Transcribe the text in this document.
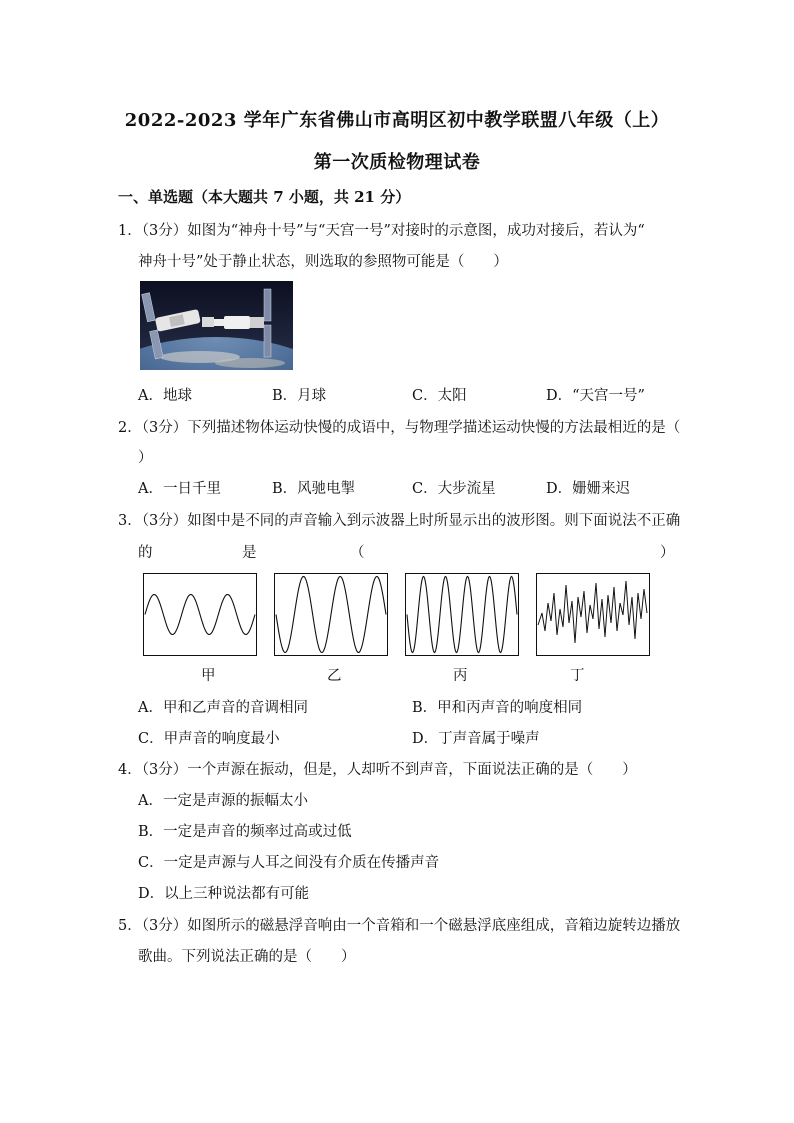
2022-2023 学年广东省佛山市高明区初中教学联盟八年级（上）
第一次质检物理试卷
一、单选题（本大题共 7 小题，共 21 分）
1．（3分）如图为“神舟十号”与“天宫一号”对接时的示意图，成功对接后，若认为“
神舟十号”处于静止状态，则选取的参照物可能是（　　）
A．地球	B．月球	C．太阳	D．“天宫一号”
2．（3分）下列描述物体运动快慢的成语中，与物理学描述运动快慢的方法最相近的是（
）
A．一日千里	B．风驰电掣	C．大步流星	D．姗姗来迟
3．（3分）如图中是不同的声音输入到示波器上时所显示出的波形图。则下面说法不正确
的	是	（	）
甲	乙	丙	丁
A．甲和乙声音的音调相同	B．甲和丙声音的响度相同
C．甲声音的响度最小	D．丁声音属于噪声
4．（3分）一个声源在振动，但是，人却听不到声音，下面说法正确的是（　　）
A．一定是声源的振幅太小
B．一定是声音的频率过高或过低
C．一定是声源与人耳之间没有介质在传播声音
D．以上三种说法都有可能
5．（3分）如图所示的磁悬浮音响由一个音箱和一个磁悬浮底座组成，音箱边旋转边播放
歌曲。下列说法正确的是（　　）
